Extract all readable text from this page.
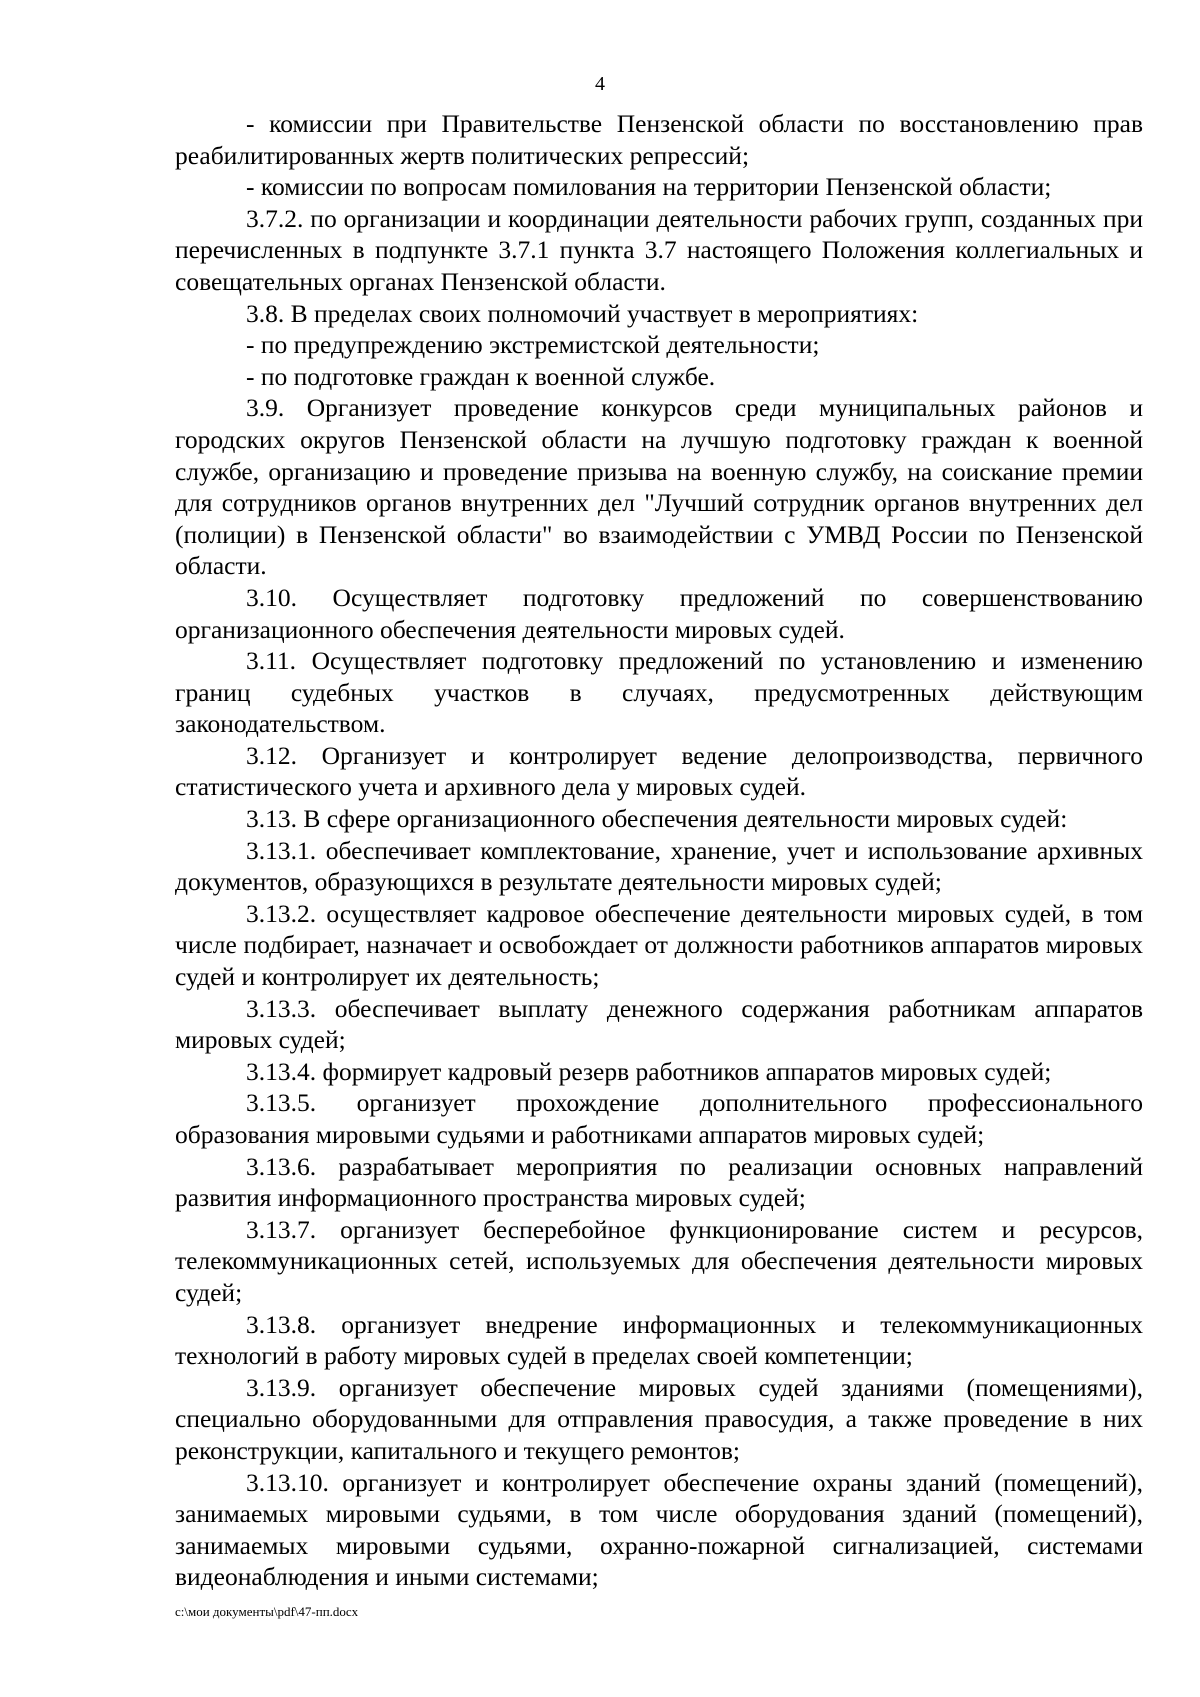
4

- комиссии при Правительстве Пензенской области по восстановлению прав реабилитированных жертв политических репрессий;

- комиссии по вопросам помилования на территории Пензенской области;

3.7.2. по организации и координации деятельности рабочих групп, созданных при перечисленных в подпункте 3.7.1 пункта 3.7 настоящего Положения коллегиальных и совещательных органах Пензенской области.

3.8. В пределах своих полномочий участвует в мероприятиях:

- по предупреждению экстремистской деятельности;

- по подготовке граждан к военной службе.

3.9. Организует проведение конкурсов среди муниципальных районов и городских округов Пензенской области на лучшую подготовку граждан к военной службе, организацию и проведение призыва на военную службу, на соискание премии для сотрудников органов внутренних дел "Лучший сотрудник органов внутренних дел (полиции) в Пензенской области" во взаимодействии с УМВД России по Пензенской области.

3.10. Осуществляет подготовку предложений по совершенствованию организационного обеспечения деятельности мировых судей.

3.11. Осуществляет подготовку предложений по установлению и изменению границ судебных участков в случаях, предусмотренных действующим законодательством.

3.12. Организует и контролирует ведение делопроизводства, первичного статистического учета и архивного дела у мировых судей.

3.13. В сфере организационного обеспечения деятельности мировых судей:

3.13.1. обеспечивает комплектование, хранение, учет и использование архивных документов, образующихся в результате деятельности мировых судей;

3.13.2. осуществляет кадровое обеспечение деятельности мировых судей, в том числе подбирает, назначает и освобождает от должности работников аппаратов мировых судей и контролирует их деятельность;

3.13.3. обеспечивает выплату денежного содержания работникам аппаратов мировых судей;

3.13.4. формирует кадровый резерв работников аппаратов мировых судей;

3.13.5. организует прохождение дополнительного профессионального образования мировыми судьями и работниками аппаратов мировых судей;

3.13.6. разрабатывает мероприятия по реализации основных направлений развития информационного пространства мировых судей;

3.13.7. организует бесперебойное функционирование систем и ресурсов, телекоммуникационных сетей, используемых для обеспечения деятельности мировых судей;

3.13.8. организует внедрение информационных и телекоммуникационных технологий в работу мировых судей в пределах своей компетенции;

3.13.9. организует обеспечение мировых судей зданиями (помещениями), специально оборудованными для отправления правосудия, а также проведение в них реконструкции, капитального и текущего ремонтов;

3.13.10. организует и контролирует обеспечение охраны зданий (помещений), занимаемых мировыми судьями, в том числе оборудования зданий (помещений), занимаемых мировыми судьями, охранно-пожарной сигнализацией, системами видеонаблюдения и иными системами;

c:\мои документы\pdf\47-пп.docx
